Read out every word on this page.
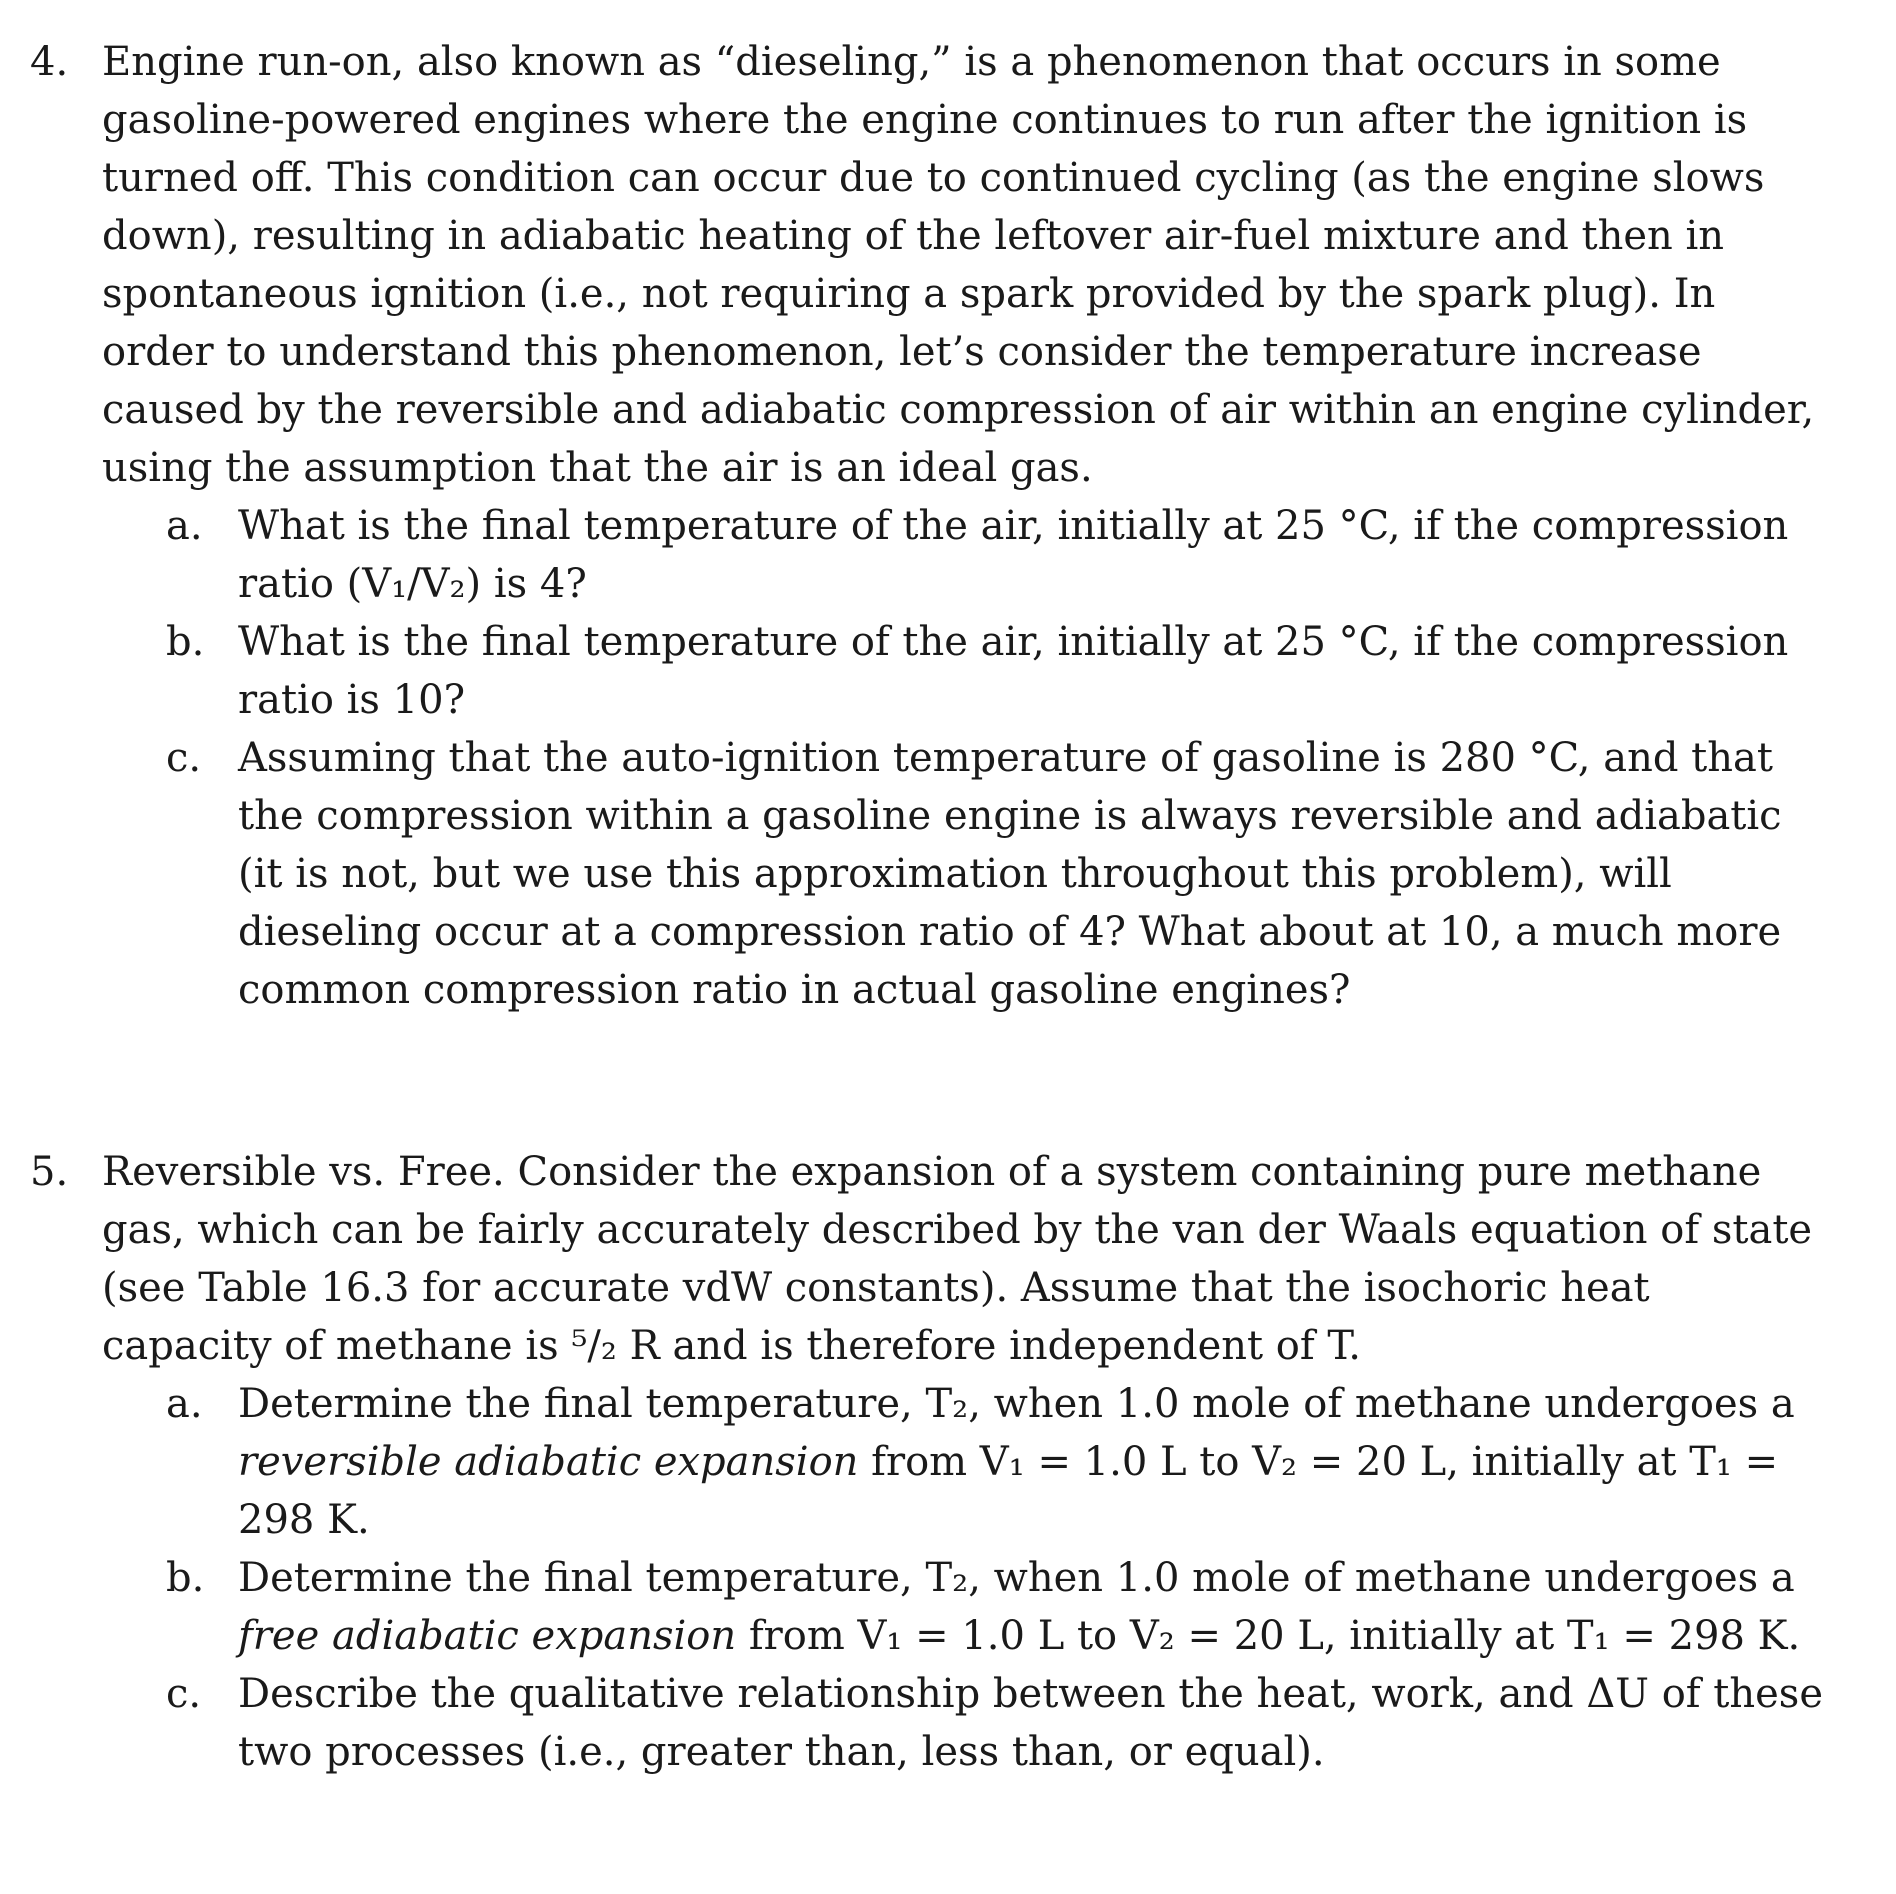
4. Engine run-on, also known as “dieseling,” is a phenomenon that occurs in some
gasoline-powered engines where the engine continues to run after the ignition is
turned off. This condition can occur due to continued cycling (as the engine slows
down), resulting in adiabatic heating of the leftover air-fuel mixture and then in
spontaneous ignition (i.e., not requiring a spark provided by the spark plug). In
order to understand this phenomenon, let’s consider the temperature increase
caused by the reversible and adiabatic compression of air within an engine cylinder,
using the assumption that the air is an ideal gas.
a. What is the final temperature of the air, initially at 25 °C, if the compression
ratio (V₁/V₂) is 4?
b. What is the final temperature of the air, initially at 25 °C, if the compression
ratio is 10?
c. Assuming that the auto-ignition temperature of gasoline is 280 °C, and that
the compression within a gasoline engine is always reversible and adiabatic
(it is not, but we use this approximation throughout this problem), will
dieseling occur at a compression ratio of 4? What about at 10, a much more
common compression ratio in actual gasoline engines?
5. Reversible vs. Free. Consider the expansion of a system containing pure methane
gas, which can be fairly accurately described by the van der Waals equation of state
(see Table 16.3 for accurate vdW constants). Assume that the isochoric heat
capacity of methane is ⁵/₂ R and is therefore independent of T.
a. Determine the final temperature, T₂, when 1.0 mole of methane undergoes a
reversible adiabatic expansion from V₁ = 1.0 L to V₂ = 20 L, initially at T₁ =
298 K.
b. Determine the final temperature, T₂, when 1.0 mole of methane undergoes a
free adiabatic expansion from V₁ = 1.0 L to V₂ = 20 L, initially at T₁ = 298 K.
c. Describe the qualitative relationship between the heat, work, and ΔU of these
two processes (i.e., greater than, less than, or equal).
